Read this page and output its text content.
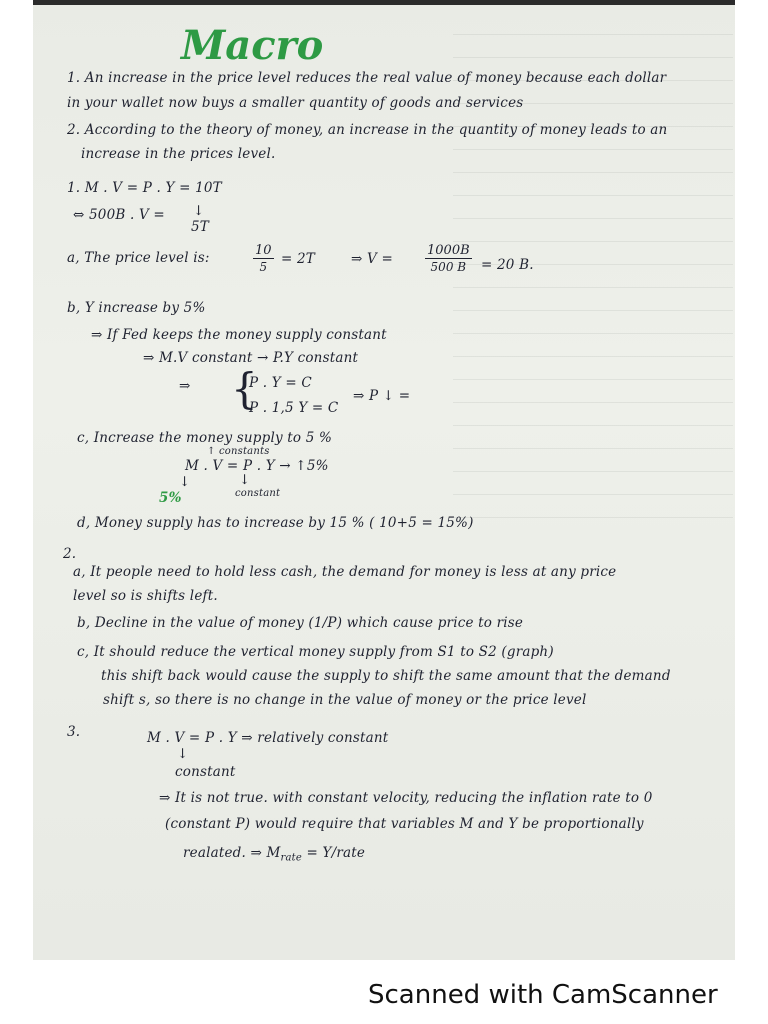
Macro
1. An increase in the price level reduces the real value of money because each dollar
in your wallet now buys a smaller quantity of goods and services
2. According to the theory of money, an increase in the quantity of money leads to an
increase in the prices level.
1. M . V = P . Y = 10T
⇔ 500B . V = ↓
5T
a, The price level is:	$\frac{10}{5} = 2T$	⇒ $V = \frac{1000B}{500 B} = 20$ B.
b, Y increase by 5%
⇒ If Fed keeps the money supply constant
⇒ M.V constant → P.Y constant
⇒ {
P . Y = C
P . 1,5 Y = C
⇒ P ↓ =
c, Increase the money supply to 5 %
↑ constants
M . V = P . Y → ↑5%
↓
5%
↓
constant
d, Money supply has to increase by 15 % ( 10+5 = 15%)
2.
a, It people need to hold less cash, the demand for money is less at any price
level so is shifts left.
b, Decline in the value of money (1/P) which cause price to rise
c, It should reduce the vertical money supply from S1 to S2 (graph)
this shift back would cause the supply to shift the same amount that the demand
shift s, so there is no change in the value of money or the price level
3.	M . V = P . Y ⇒ relatively constant
↓
constant
⇒ It is not true. with constant velocity, reducing the inflation rate to 0
(constant P) would require that variables M and Y be proportionally
realated. ⇒ $M_{rate}$ = Y/rate
Scanned with CamScanner
